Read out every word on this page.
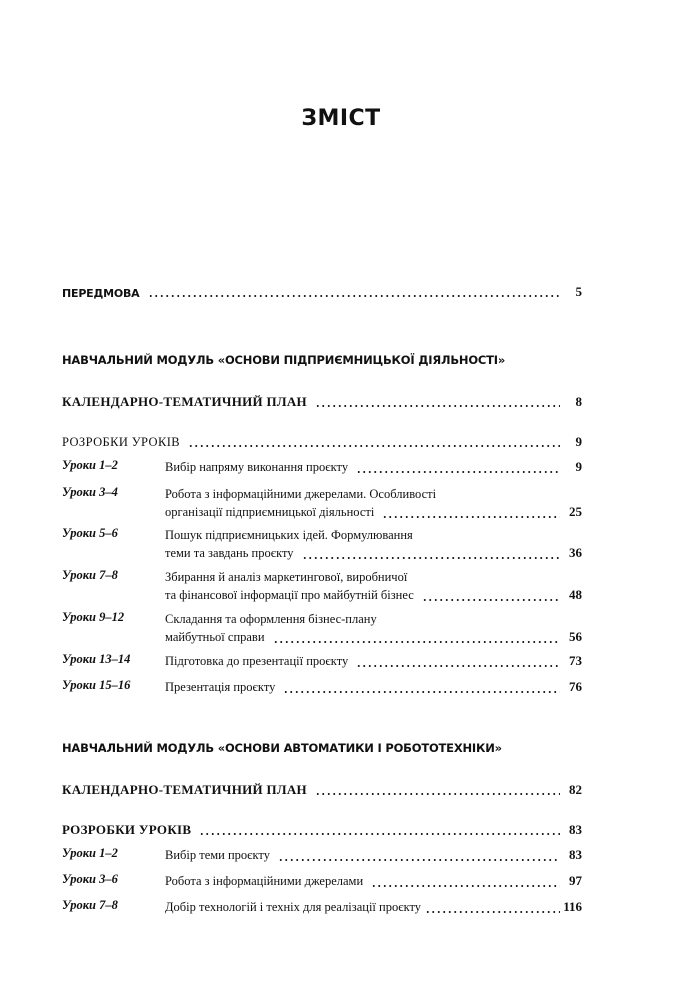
ЗМІСТ
ПЕРЕДМОВА	5
НАВЧАЛЬНИЙ МОДУЛЬ «ОСНОВИ ПІДПРИЄМНИЦЬКОЇ ДІЯЛЬНОСТІ»
КАЛЕНДАРНО-ТЕМАТИЧНИЙ ПЛАН	8
РОЗРОБКИ УРОКІВ	9
Уроки 1–2	Вибір напряму виконання проєкту	9
Уроки 3–4	Робота з інформаційними джерелами. Особливості
організації підприємницької діяльності	25
Уроки 5–6	Пошук підприємницьких ідей. Формулювання
теми та завдань проєкту	36
Уроки 7–8	Збирання й аналіз маркетингової, виробничої
та фінансової інформації про майбутній бізнес	48
Уроки 9–12	Складання та оформлення бізнес-плану
майбутньої справи	56
Уроки 13–14	Підготовка до презентації проєкту	73
Уроки 15–16	Презентація проєкту	76
НАВЧАЛЬНИЙ МОДУЛЬ «ОСНОВИ АВТОМАТИКИ І РОБОТОТЕХНІКИ»
КАЛЕНДАРНО-ТЕМАТИЧНИЙ ПЛАН	82
РОЗРОБКИ УРОКІВ	83
Уроки 1–2	Вибір теми проєкту	83
Уроки 3–6	Робота з інформаційними джерелами	97
Уроки 7–8	Добір технологій і техніх для реалізації проєкту	116
